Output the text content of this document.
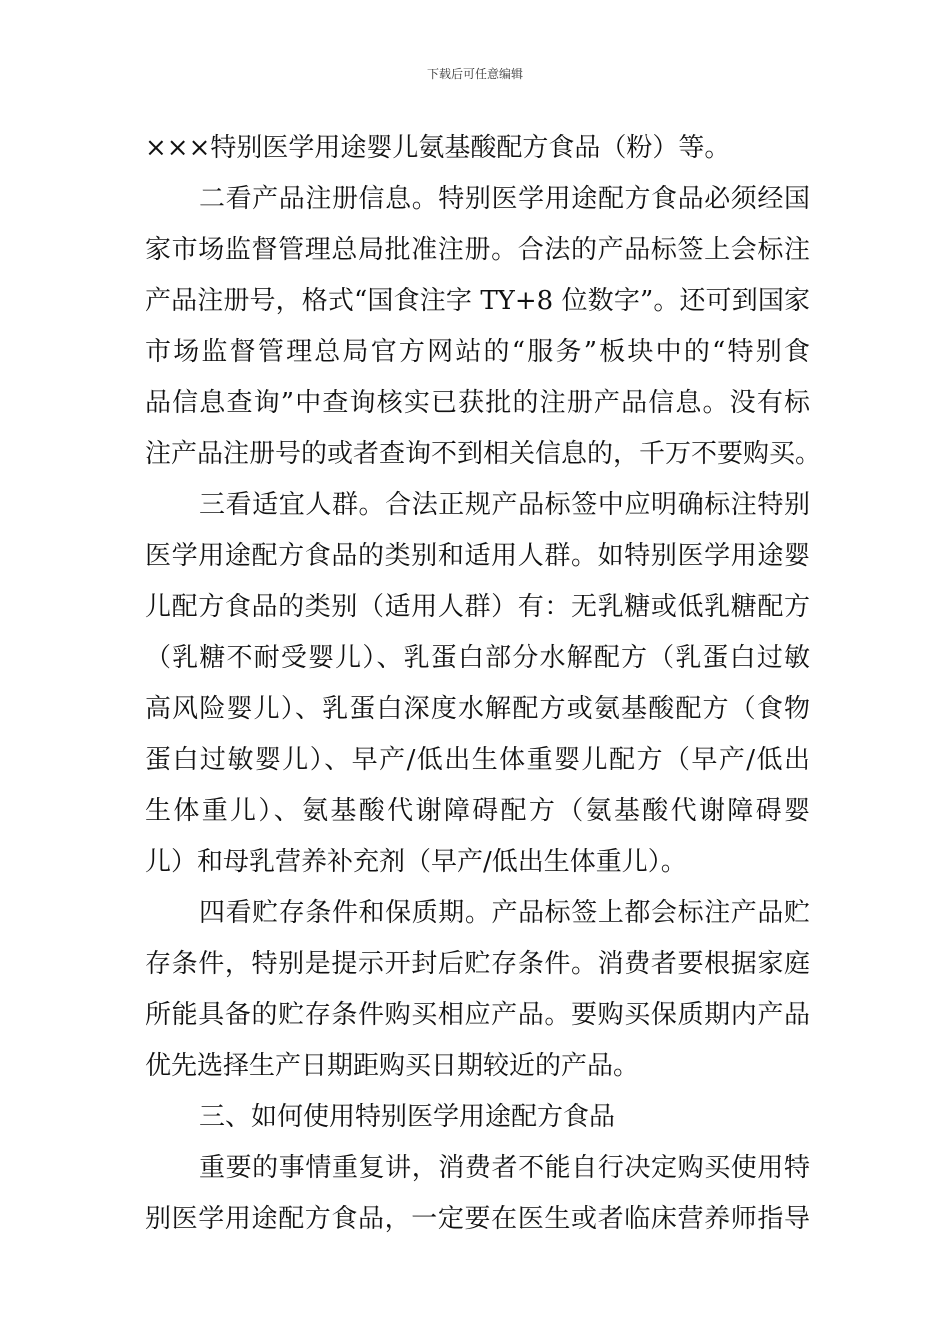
下载后可任意编辑
×××特别医学用途婴儿氨基酸配方食品（粉）等。
二看产品注册信息。特别医学用途配方食品必须经国
家市场监督管理总局批准注册。合法的产品标签上会标注
产品注册号，格式“国食注字 TY+8 位数字”。还可到国家
市场监督管理总局官方网站的“服务”板块中的“特别食
品信息查询”中查询核实已获批的注册产品信息。没有标
注产品注册号的或者查询不到相关信息的，千万不要购买。
三看适宜人群。合法正规产品标签中应明确标注特别
医学用途配方食品的类别和适用人群。如特别医学用途婴
儿配方食品的类别（适用人群）有：无乳糖或低乳糖配方
（乳糖不耐受婴儿）、乳蛋白部分水解配方（乳蛋白过敏
高风险婴儿）、乳蛋白深度水解配方或氨基酸配方（食物
蛋白过敏婴儿）、早产/低出生体重婴儿配方（早产/低出
生体重儿）、氨基酸代谢障碍配方（氨基酸代谢障碍婴
儿）和母乳营养补充剂（早产/低出生体重儿）。
四看贮存条件和保质期。产品标签上都会标注产品贮
存条件，特别是提示开封后贮存条件。消费者要根据家庭
所能具备的贮存条件购买相应产品。要购买保质期内产品
优先选择生产日期距购买日期较近的产品。
三、如何使用特别医学用途配方食品
重要的事情重复讲，消费者不能自行决定购买使用特
别医学用途配方食品，一定要在医生或者临床营养师指导
